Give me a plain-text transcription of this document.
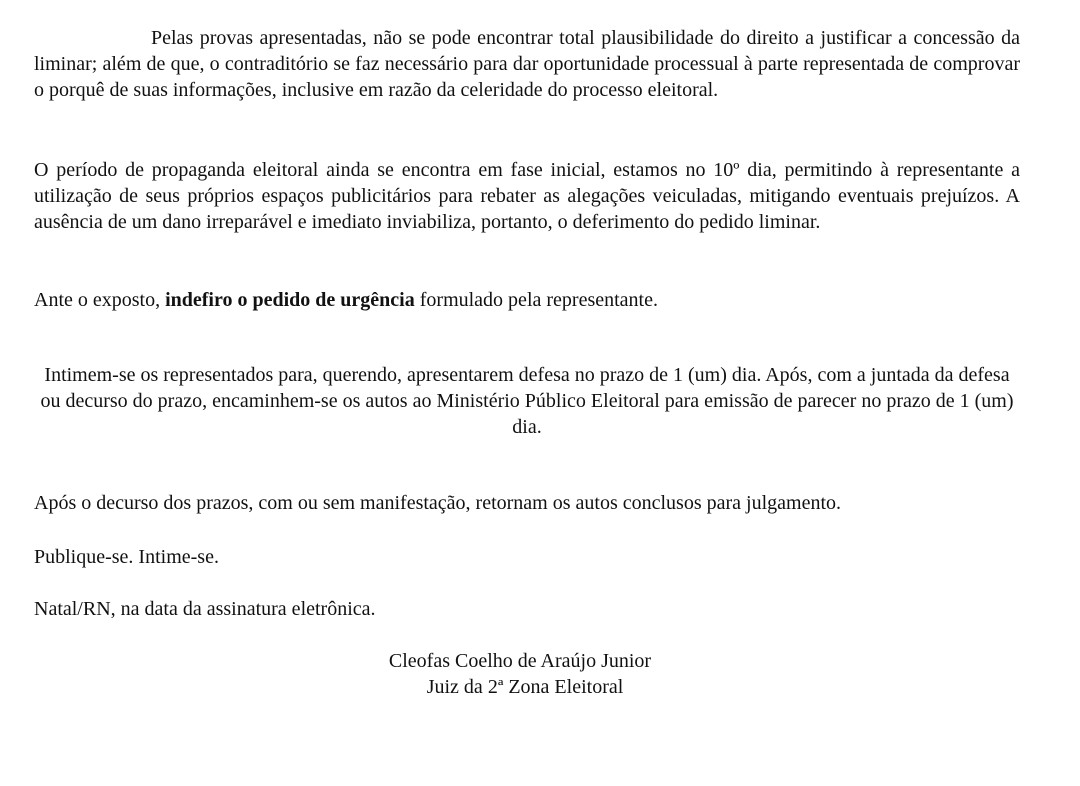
Pelas provas apresentadas, não se pode encontrar total plausibilidade do direito a justificar a concessão da liminar; além de que, o contraditório se faz necessário para dar oportunidade processual à parte representada de comprovar o porquê de suas informações, inclusive em razão da celeridade do processo eleitoral.

O período de propaganda eleitoral ainda se encontra em fase inicial, estamos no 10º dia, permitindo à representante a utilização de seus próprios espaços publicitários para rebater as alegações veiculadas, mitigando eventuais prejuízos. A ausência de um dano irreparável e imediato inviabiliza, portanto, o deferimento do pedido liminar.

Ante o exposto, indefiro o pedido de urgência formulado pela representante.

Intimem-se os representados para, querendo, apresentarem defesa no prazo de 1 (um) dia. Após, com a juntada da defesa ou decurso do prazo, encaminhem-se os autos ao Ministério Público Eleitoral para emissão de parecer no prazo de 1 (um) dia.

Após o decurso dos prazos, com ou sem manifestação, retornam os autos conclusos para julgamento.

Publique-se. Intime-se.

Natal/RN, na data da assinatura eletrônica.

Cleofas Coelho de Araújo Junior
Juiz da 2ª Zona Eleitoral
